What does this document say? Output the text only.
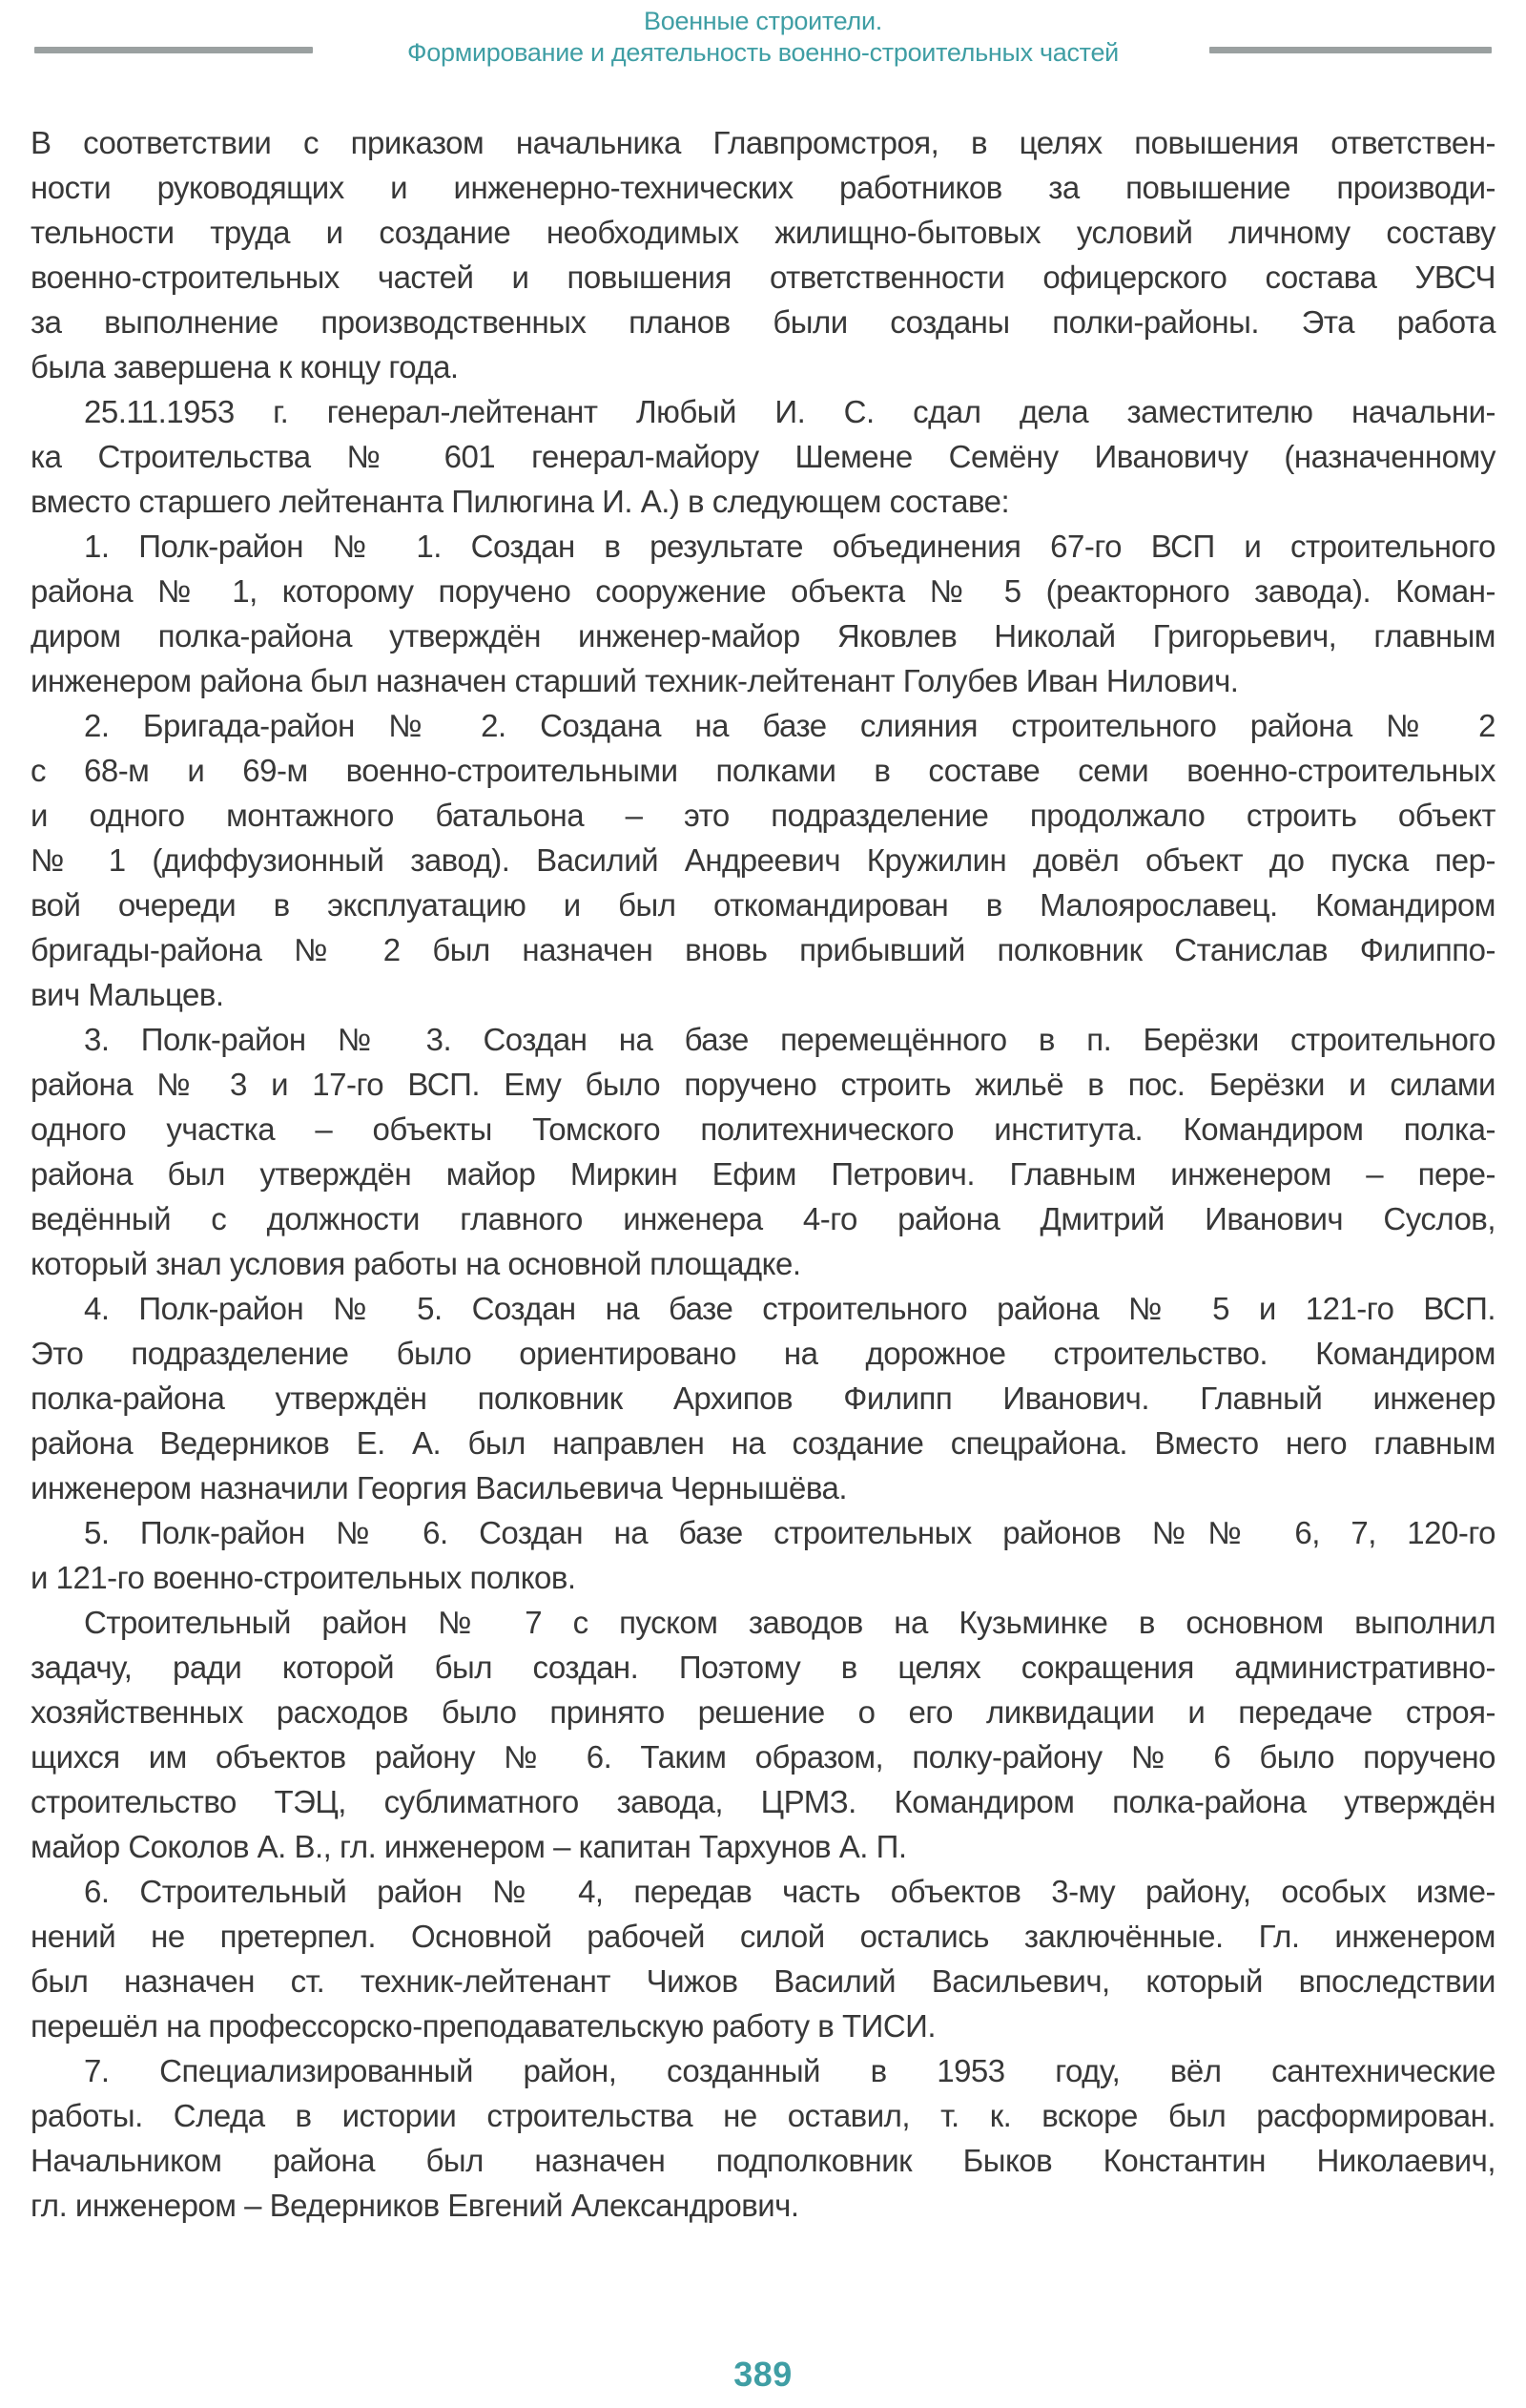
Военные строители.
Формирование и деятельность военно-строительных частей
В соответствии с приказом начальника Главпромстроя, в целях повышения ответствен-
ности руководящих и инженерно-технических работников за повышение производи-
тельности труда и создание необходимых жилищно-бытовых условий личному составу
военно-строительных частей и повышения ответственности офицерского состава УВСЧ
за выполнение производственных планов были созданы полки-районы. Эта работа
была завершена к концу года.
25.11.1953 г. генерал-лейтенант Любый И. С. сдал дела заместителю начальни-
ка Строительства № 601 генерал-майору Шемене Семёну Ивановичу (назначенному
вместо старшего лейтенанта Пилюгина И. А.) в следующем составе:
1. Полк-район № 1. Создан в результате объединения 67-го ВСП и строительного
района № 1, которому поручено сооружение объекта № 5 (реакторного завода). Коман-
диром полка-района утверждён инженер-майор Яковлев Николай Григорьевич, главным
инженером района был назначен старший техник-лейтенант Голубев Иван Нилович.
2. Бригада-район № 2. Создана на базе слияния строительного района № 2
с 68-м и 69-м военно-строительными полками в составе семи военно-строительных
и одного монтажного батальона – это подразделение продолжало строить объект
№ 1 (диффузионный завод). Василий Андреевич Кружилин довёл объект до пуска пер-
вой очереди в эксплуатацию и был откомандирован в Малоярославец. Командиром
бригады-района № 2 был назначен вновь прибывший полковник Станислав Филиппо-
вич Мальцев.
3. Полк-район № 3. Создан на базе перемещённого в п. Берёзки строительного
района № 3 и 17-го ВСП. Ему было поручено строить жильё в пос. Берёзки и силами
одного участка – объекты Томского политехнического института. Командиром полка-
района был утверждён майор Миркин Ефим Петрович. Главным инженером – пере-
ведённый с должности главного инженера 4-го района Дмитрий Иванович Суслов,
который знал условия работы на основной площадке.
4. Полк-район № 5. Создан на базе строительного района № 5 и 121-го ВСП.
Это подразделение было ориентировано на дорожное строительство. Командиром
полка-района утверждён полковник Архипов Филипп Иванович. Главный инженер
района Ведерников Е. А. был направлен на создание спецрайона. Вместо него главным
инженером назначили Георгия Васильевича Чернышёва.
5. Полк-район № 6. Создан на базе строительных районов №№ 6, 7, 120-го
и 121-го военно-строительных полков.
Строительный район № 7 с пуском заводов на Кузьминке в основном выполнил
задачу, ради которой был создан. Поэтому в целях сокращения административно-
хозяйственных расходов было принято решение о его ликвидации и передаче строя-
щихся им объектов району № 6. Таким образом, полку-району № 6 было поручено
строительство ТЭЦ, сублиматного завода, ЦРМЗ. Командиром полка-района утверждён
майор Соколов А. В., гл. инженером – капитан Тархунов А. П.
6. Строительный район № 4, передав часть объектов 3-му району, особых изме-
нений не претерпел. Основной рабочей силой остались заключённые. Гл. инженером
был назначен ст. техник-лейтенант Чижов Василий Васильевич, который впоследствии
перешёл на профессорско-преподавательскую работу в ТИСИ.
7. Специализированный район, созданный в 1953 году, вёл сантехнические
работы. Следа в истории строительства не оставил, т. к. вскоре был расформирован.
Начальником района был назначен подполковник Быков Константин Николаевич,
гл. инженером – Ведерников Евгений Александрович.
389
